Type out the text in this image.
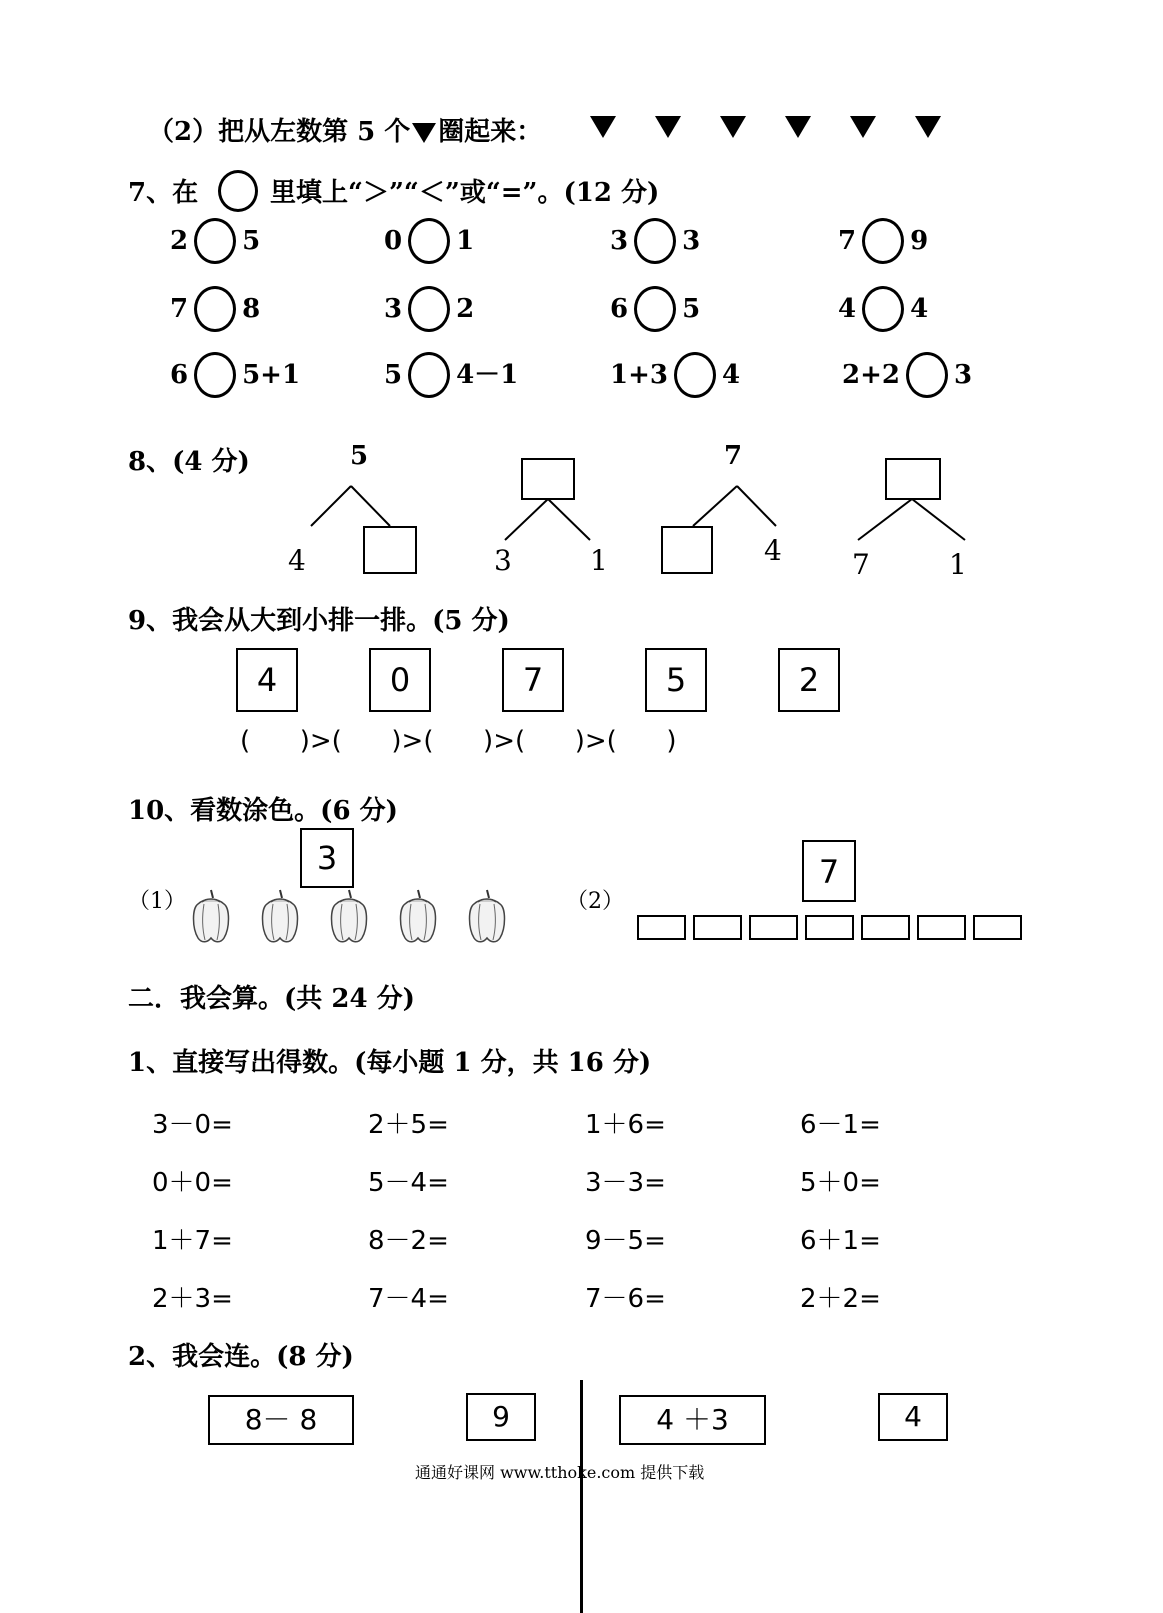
（2）把从左数第 5 个 圈起来：
7、在	里填上“＞”“＜”或“=”。(12 分)
2 5	0 1	3 3	7 9
7 8	3 2	6 5	4 4
6 5+1	5 4－1	1+3 4	2+2 3
8、(4 分)	5
4	3	1
7
4	7	1
9、我会从大到小排一排。(5 分)
4	0	7	5	2
(      )>(      )>(      )>(      )>(      )
10、看数涂色。(6 分)
3
（1）	（2）
7
二．我会算。(共 24 分)
1、直接写出得数。(每小题 1 分，共 16 分)
3－0=	2＋5=	1＋6=	6－1=
0＋0=	5－4=	3－3=	5＋0=
1＋7=	8－2=	9－5=	6＋1=
2＋3=	7－4=	7－6=	2＋2=
2、我会连。(8 分)
8－ 8	9	4 ＋3	4
通通好课网 www.tthoke.com 提供下载
